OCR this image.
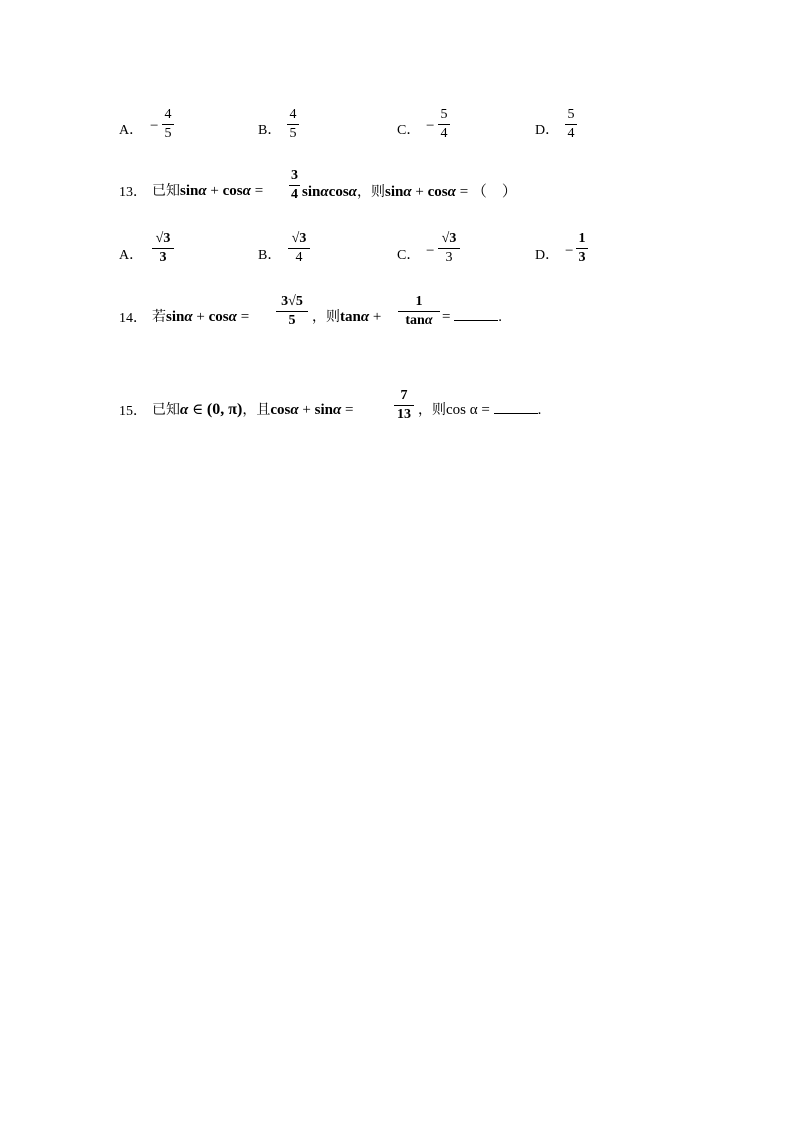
A． −
4
5	B．
4
5	C． −
5
4	D．
5
4
13． 已知sinα + cosα =
3
4 sinαcosα，则sinα + cosα = （　）
A．
√3
3	B．
√3
4	C． −
√3
3	D． −
1
3
14． 若sinα + cosα =
3√5
5	，则tanα +
1
tanα =	.
15． 已知α ∈ (0, π)，且cosα + sinα =
7
13 ，则cos α =	.
